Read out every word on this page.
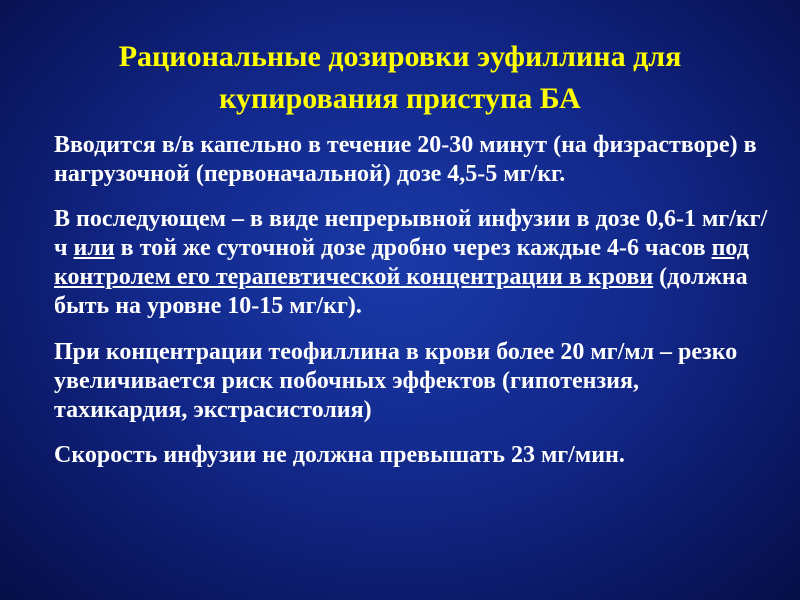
Рациональные дозировки эуфиллина для
купирования приступа БА

Вводится в/в капельно в течение 20-30 минут (на физрастворе) в нагрузочной (первоначальной) дозе 4,5-5 мг/кг.

В последующем – в виде непрерывной инфузии в дозе 0,6-1 мг/кг/ч или в той же суточной дозе дробно через каждые 4-6 часов под контролем его терапевтической концентрации в крови (должна быть на уровне 10-15 мг/кг).

При концентрации теофиллина в крови более 20 мг/мл – резко увеличивается риск побочных эффектов (гипотензия, тахикардия, экстрасистолия)

Скорость инфузии не должна превышать 23 мг/мин.
